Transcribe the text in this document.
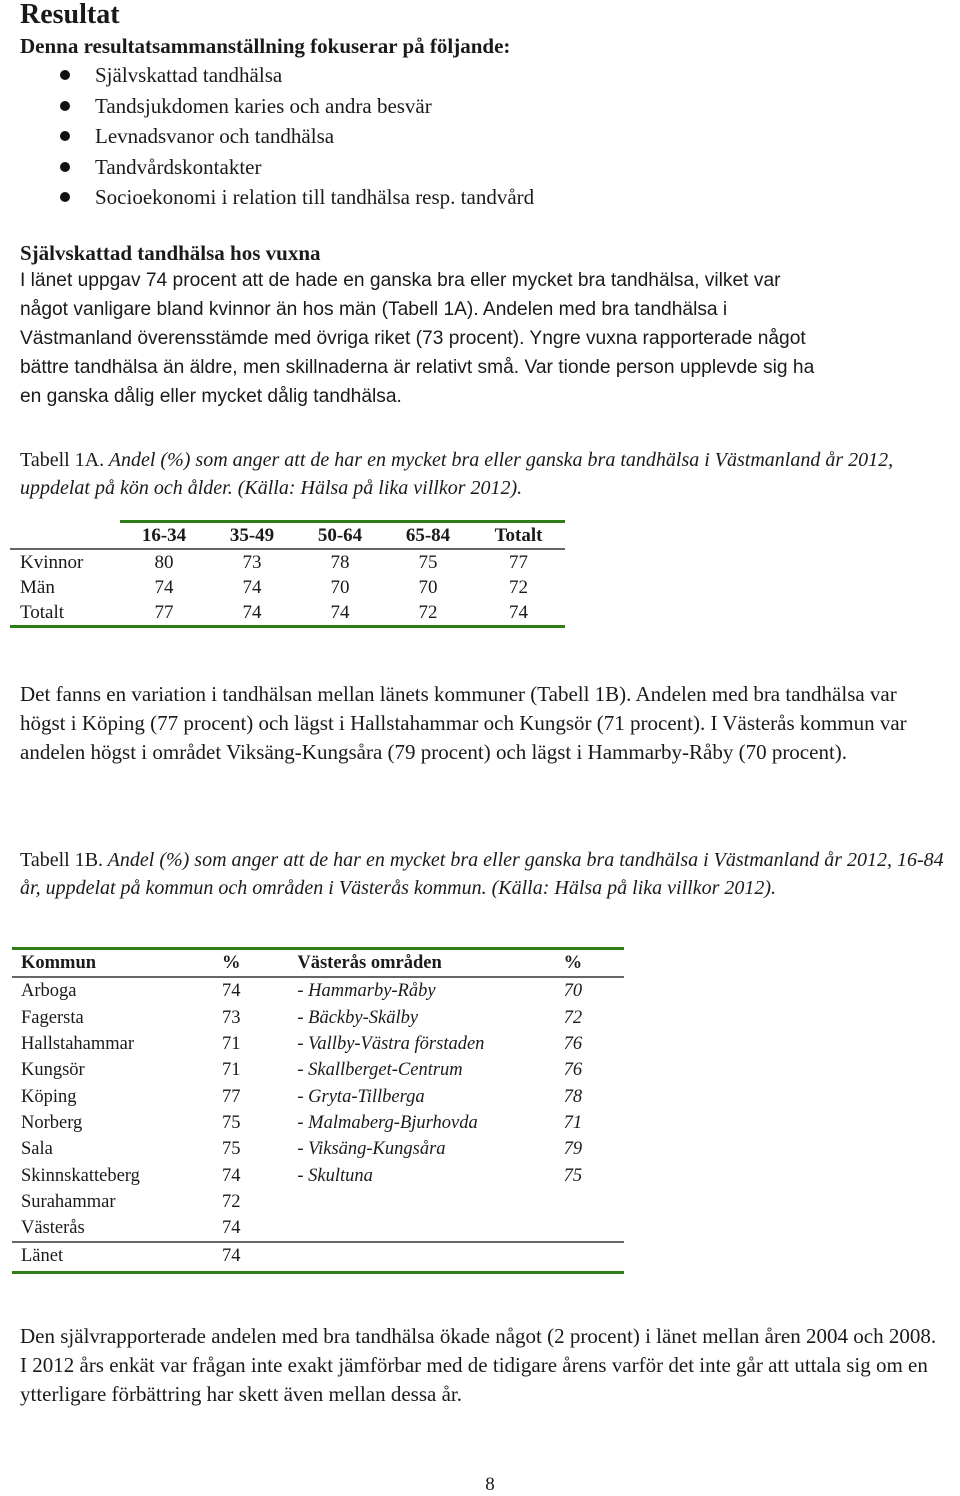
Resultat

Denna resultatsammanställning fokuserar på följande:

Självskattad tandhälsa
Tandsjukdomen karies och andra besvär
Levnadsvanor och tandhälsa
Tandvårdskontakter
Socioekonomi i relation till tandhälsa resp. tandvård

Självskattad tandhälsa hos vuxna

I länet uppgav 74 procent att de hade en ganska bra eller mycket bra tandhälsa, vilket var
något vanligare bland kvinnor än hos män (Tabell 1A). Andelen med bra tandhälsa i
Västmanland överensstämde med övriga riket (73 procent). Yngre vuxna rapporterade något
bättre tandhälsa än äldre, men skillnaderna är relativt små. Var tionde person upplevde sig ha
en ganska dålig eller mycket dålig tandhälsa.

Tabell 1A. Andel (%) som anger att de har en mycket bra eller ganska bra tandhälsa i Västmanland år 2012, uppdelat på kön och ålder. (Källa: Hälsa på lika villkor 2012).

	16-34	35-49	50-64	65-84	Totalt
Kvinnor	80	73	78	75	77
Män	74	74	70	70	72
Totalt	77	74	74	72	74

Det fanns en variation i tandhälsan mellan länets kommuner (Tabell 1B). Andelen med bra tandhälsa var högst i Köping (77 procent) och lägst i Hallstahammar och Kungsör (71 procent). I Västerås kommun var andelen högst i området Viksäng-Kungsåra (79 procent) och lägst i Hammarby-Råby (70 procent).

Tabell 1B. Andel (%) som anger att de har en mycket bra eller ganska bra tandhälsa i Västmanland år 2012, 16-84 år, uppdelat på kommun och områden i Västerås kommun. (Källa: Hälsa på lika villkor 2012).

Kommun	%	Västerås områden	%
Arboga	74	- Hammarby-Råby	70
Fagersta	73	- Bäckby-Skälby	72
Hallstahammar	71	- Vallby-Västra förstaden	76
Kungsör	71	- Skallberget-Centrum	76
Köping	77	- Gryta-Tillberga	78
Norberg	75	- Malmaberg-Bjurhovda	71
Sala	75	- Viksäng-Kungsåra	79
Skinnskatteberg	74	- Skultuna	75
Surahammar	72		
Västerås	74		
Länet	74		

Den självrapporterade andelen med bra tandhälsa ökade något (2 procent) i länet mellan åren 2004 och 2008. I 2012 års enkät var frågan inte exakt jämförbar med de tidigare årens varför det inte går att uttala sig om en ytterligare förbättring har skett även mellan dessa år.

8
